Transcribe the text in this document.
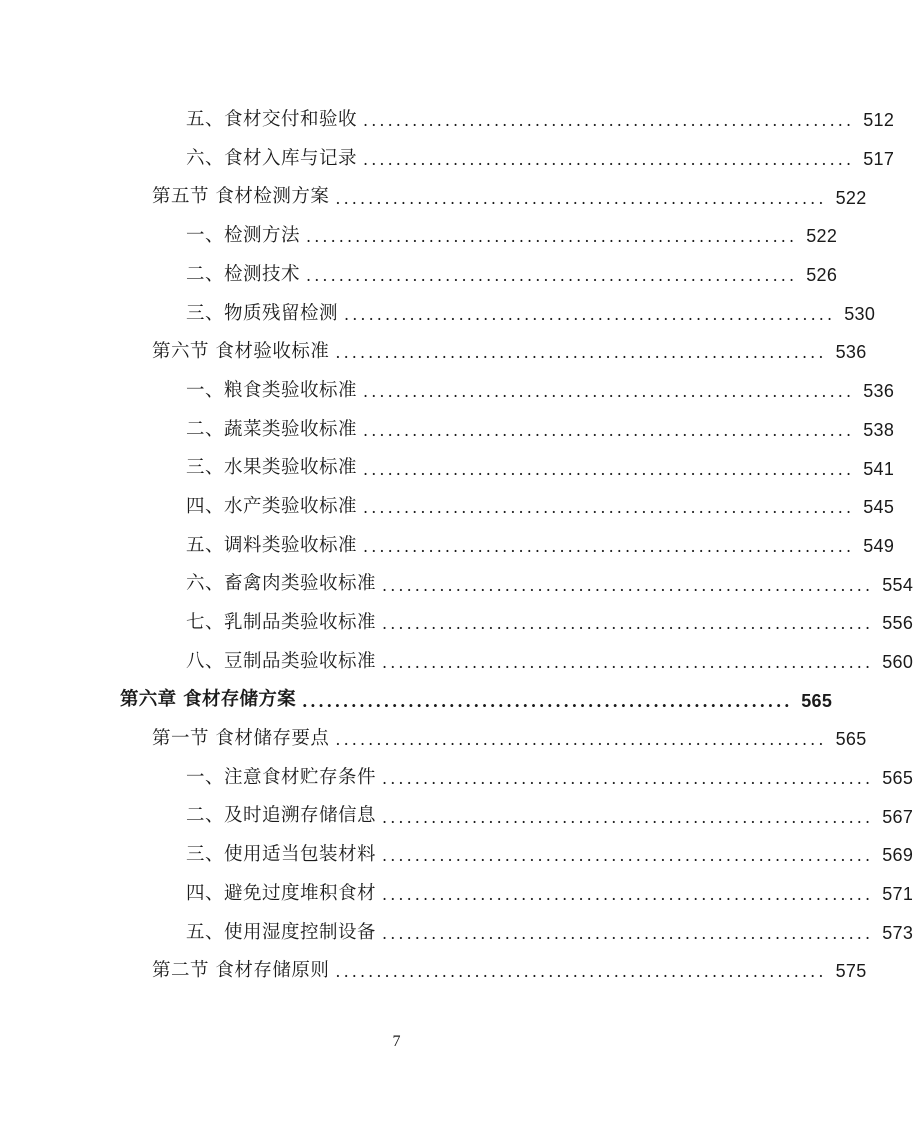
五、食材交付和验收 ............................................................ 512
六、食材入库与记录 ............................................................ 517
第五节 食材检测方案 ............................................................ 522
一、检测方法 ............................................................ 522
二、检测技术 ............................................................ 526
三、物质残留检测 ............................................................ 530
第六节 食材验收标准 ............................................................ 536
一、粮食类验收标准 ............................................................ 536
二、蔬菜类验收标准 ............................................................ 538
三、水果类验收标准 ............................................................ 541
四、水产类验收标准 ............................................................ 545
五、调料类验收标准 ............................................................ 549
六、畜禽肉类验收标准 ............................................................ 554
七、乳制品类验收标准 ............................................................ 556
八、豆制品类验收标准 ............................................................ 560
第六章 食材存储方案 ............................................................ 565
第一节 食材储存要点 ............................................................ 565
一、注意食材贮存条件 ............................................................ 565
二、及时追溯存储信息 ............................................................ 567
三、使用适当包装材料 ............................................................ 569
四、避免过度堆积食材 ............................................................ 571
五、使用湿度控制设备 ............................................................ 573
第二节 食材存储原则 ............................................................ 575
7
